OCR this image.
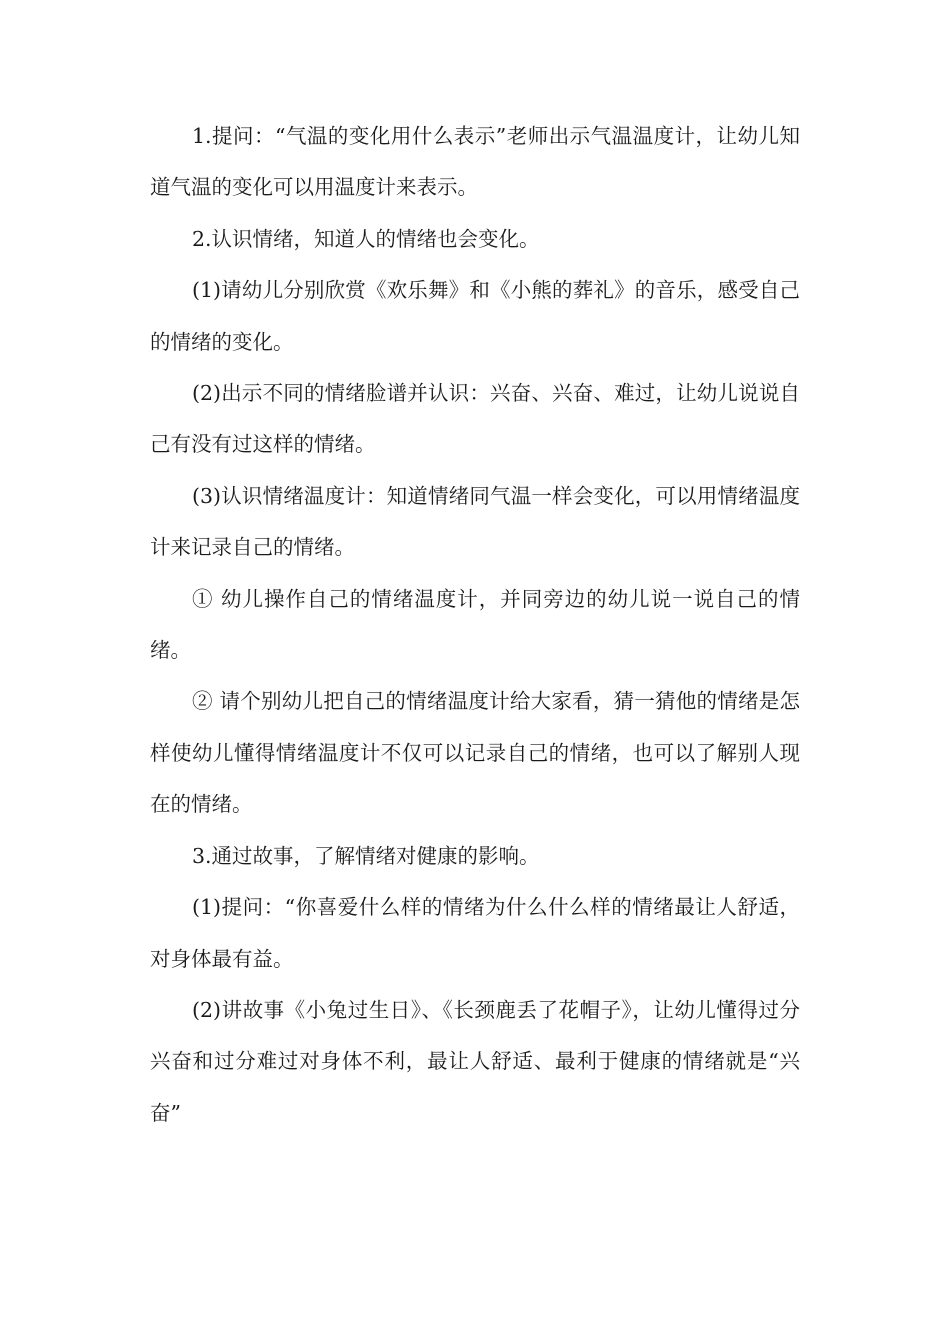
1.提问：“气温的变化用什么表示”老师出示气温温度计，让幼儿知道气温的变化可以用温度计来表示。

2.认识情绪，知道人的情绪也会变化。

(1)请幼儿分别欣赏《欢乐舞》和《小熊的葬礼》的音乐，感受自己的情绪的变化。

(2)出示不同的情绪脸谱并认识：兴奋、兴奋、难过，让幼儿说说自己有没有过这样的情绪。

(3)认识情绪温度计：知道情绪同气温一样会变化，可以用情绪温度计来记录自己的情绪。

① 幼儿操作自己的情绪温度计，并同旁边的幼儿说一说自己的情绪。

② 请个别幼儿把自己的情绪温度计给大家看，猜一猜他的情绪是怎样使幼儿懂得情绪温度计不仅可以记录自己的情绪，也可以了解别人现在的情绪。

3.通过故事，了解情绪对健康的影响。

(1)提问：“你喜爱什么样的情绪为什么什么样的情绪最让人舒适，对身体最有益。

(2)讲故事《小兔过生日》、《长颈鹿丢了花帽子》，让幼儿懂得过分兴奋和过分难过对身体不利，最让人舒适、最利于健康的情绪就是“兴奋”
